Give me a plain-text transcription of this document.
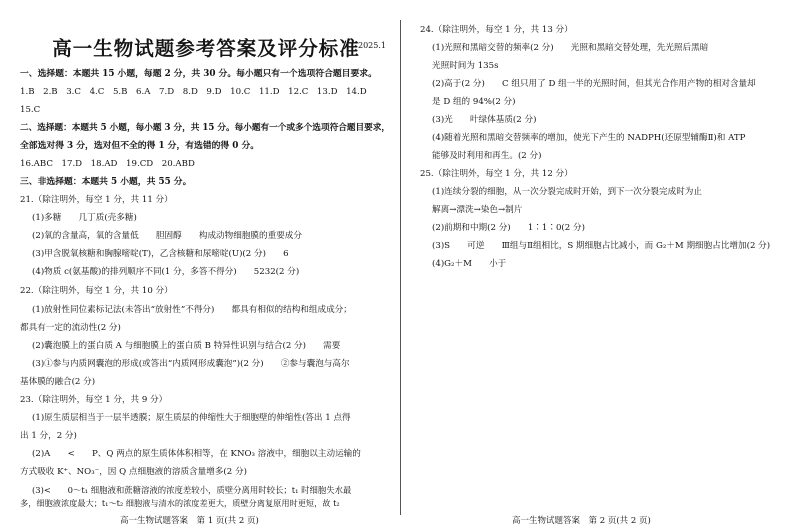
高一生物试题参考答案及评分标准
2025.1
一、选择题：本题共 15 小题，每题 2 分，共 30 分。每小题只有一个选项符合题目要求。
1.B　2.B　3.C　4.C　5.B　6.A　7.D　8.D　9.D　10.C　11.D　12.C　13.D　14.D
15.C
二、选择题：本题共 5 小题，每小题 3 分，共 15 分。每小题有一个或多个选项符合题目要求，
全部选对得 3 分，选对但不全的得 1 分，有选错的得 0 分。
16.ABC　17.D　18.AD　19.CD　20.ABD
三、非选择题：本题共 5 小题，共 55 分。
21.（除注明外，每空 1 分，共 11 分）
(1)多糖　　几丁质(壳多糖)
(2)氧的含量高，氧的含量低　　胆固醇　　构成动物细胞膜的重要成分
(3)甲含脱氧核糖和胸腺嘧啶(T)，乙含核糖和尿嘧啶(U)(2 分)　　6
(4)物质 c(氨基酸)的排列顺序不同(1 分，多答不得分)　　5232(2 分)
22.（除注明外，每空 1 分，共 10 分）
(1)放射性同位素标记法(未答出“放射性”不得分)　　都具有相似的结构和组成成分；
都具有一定的流动性(2 分)
(2)囊泡膜上的蛋白质 A 与细胞膜上的蛋白质 B 特异性识别与结合(2 分)　　需要
(3)①参与内质网囊泡的形成(或答出“内质网形成囊泡”)(2 分)　　②参与囊泡与高尔
基体膜的融合(2 分)
23.（除注明外，每空 1 分，共 9 分）
(1)原生质层相当于一层半透膜；原生质层的伸缩性大于细胞壁的伸缩性(答出 1 点得
出 1 分，2 分)
(2)A　　<　　P、Q 两点的原生质体体积相等，在 KNO₃ 溶液中，细胞以主动运输的
方式吸收 K⁺、NO₃⁻，因 Q 点细胞液的溶质含量增多(2 分)
(3)<　　0～t₁ 细胞液和蔗糖溶液的浓度差较小，质壁分离用时较长；t₁ 时细胞失水最
多，细胞液浓度最大；t₁～t₂ 细胞液与清水的浓度差更大，质壁分离复原用时更短，故 t₂
高一生物试题答案　第 1 页(共 2 页)
24.（除注明外，每空 1 分，共 13 分）
(1)光照和黑暗交替的频率(2 分)　　光照和黑暗交替处理，先光照后黑暗
光照时间为 135s
(2)高于(2 分)　　C 组只用了 D 组一半的光照时间，但其光合作用产物的相对含量却
是 D 组的 94%(2 分)
(3)光　　叶绿体基质(2 分)
(4)随着光照和黑暗交替频率的增加，使光下产生的 NADPH(还原型辅酶Ⅱ)和 ATP
能够及时利用和再生。(2 分)
25.（除注明外，每空 1 分，共 12 分）
(1)连续分裂的细胞，从一次分裂完成时开始，到下一次分裂完成时为止
解离→漂洗→染色→制片
(2)前期和中期(2 分)　　1∶1∶0(2 分)
(3)S　　可逆　　Ⅲ组与Ⅱ组相比，S 期细胞占比减小，而 G₂＋M 期细胞占比增加(2 分)
(4)G₂＋M　　小于
高一生物试题答案　第 2 页(共 2 页)
